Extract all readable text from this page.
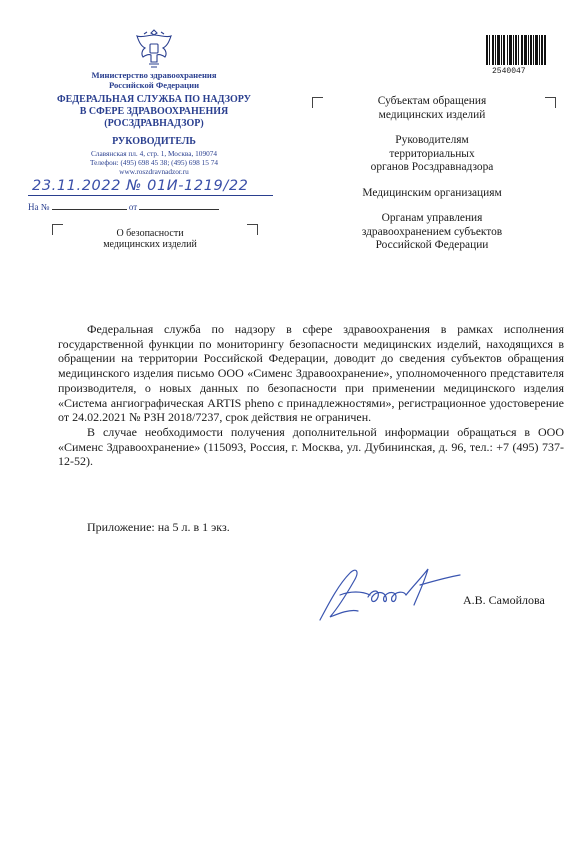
Министерство здравоохранения
Российской Федерации
ФЕДЕРАЛЬНАЯ СЛУЖБА ПО НАДЗОРУ
В СФЕРЕ ЗДРАВООХРАНЕНИЯ
(РОСЗДРАВНАДЗОР)
РУКОВОДИТЕЛЬ
Славянская пл. 4, стр. 1, Москва, 109074
Телефон: (495) 698 45 38; (495) 698 15 74
www.roszdravnadzor.ru
23.11.2022 № 01И-1219/22
На №	от
О безопасности
медицинских изделий
2540047
Субъектам обращения
медицинских изделий
Руководителям
территориальных
органов Росздравнадзора
Медицинским организациям
Органам управления
здравоохранением субъектов
Российской Федерации

Федеральная служба по надзору в сфере здравоохранения в рамках исполнения государственной функции по мониторингу безопасности медицинских изделий, находящихся в обращении на территории Российской Федерации, доводит до сведения субъектов обращения медицинского изделия письмо ООО «Сименс Здравоохранение», уполномоченного представителя производителя, о новых данных по безопасности при применении медицинского изделия «Система ангиографическая ARTIS pheno с принадлежностями», регистрационное удостоверение от 24.02.2021 № РЗН 2018/7237, срок действия не ограничен.

В случае необходимости получения дополнительной информации обращаться в ООО «Сименс Здравоохранение» (115093, Россия, г. Москва, ул. Дубининская, д. 96, тел.: +7 (495) 737-12-52).

Приложение: на 5 л. в 1 экз.
А.В. Самойлова
